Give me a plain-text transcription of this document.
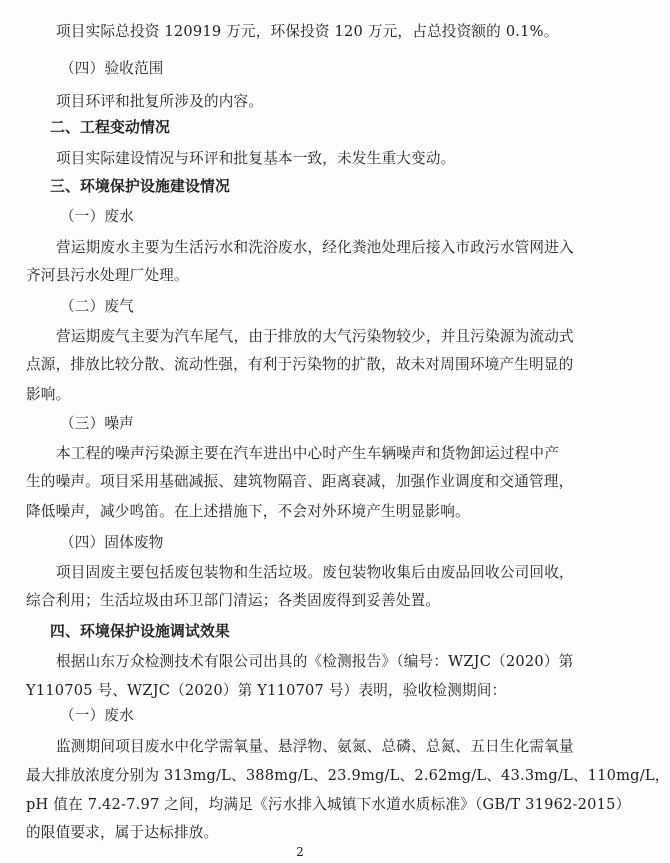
项目实际总投资 120919 万元，环保投资 120 万元，占总投资额的 0.1%。
（四）验收范围
项目环评和批复所涉及的内容。
二、工程变动情况
项目实际建设情况与环评和批复基本一致，未发生重大变动。
三、环境保护设施建设情况
（一）废水
营运期废水主要为生活污水和洗浴废水，经化粪池处理后接入市政污水管网进入
齐河县污水处理厂处理。
（二）废气
营运期废气主要为汽车尾气，由于排放的大气污染物较少，并且污染源为流动式
点源，排放比较分散、流动性强，有利于污染物的扩散，故未对周围环境产生明显的
影响。
（三）噪声
本工程的噪声污染源主要在汽车进出中心时产生车辆噪声和货物卸运过程中产
生的噪声。项目采用基础减振、建筑物隔音、距离衰减，加强作业调度和交通管理，
降低噪声，减少鸣笛。在上述措施下，不会对外环境产生明显影响。
（四）固体废物
项目固废主要包括废包装物和生活垃圾。废包装物收集后由废品回收公司回收，
综合利用；生活垃圾由环卫部门清运；各类固废得到妥善处置。
四、环境保护设施调试效果
根据山东万众检测技术有限公司出具的《检测报告》（编号：WZJC（2020）第
Y110705 号、WZJC（2020）第 Y110707 号）表明，验收检测期间：
（一）废水
监测期间项目废水中化学需氧量、悬浮物、氨氮、总磷、总氮、五日生化需氧量
最大排放浓度分别为 313mg/L、388mg/L、23.9mg/L、2.62mg/L、43.3mg/L、110mg/L，
pH 值在 7.42-7.97 之间，均满足《污水排入城镇下水道水质标准》（GB/T 31962-2015）
的限值要求，属于达标排放。
2
